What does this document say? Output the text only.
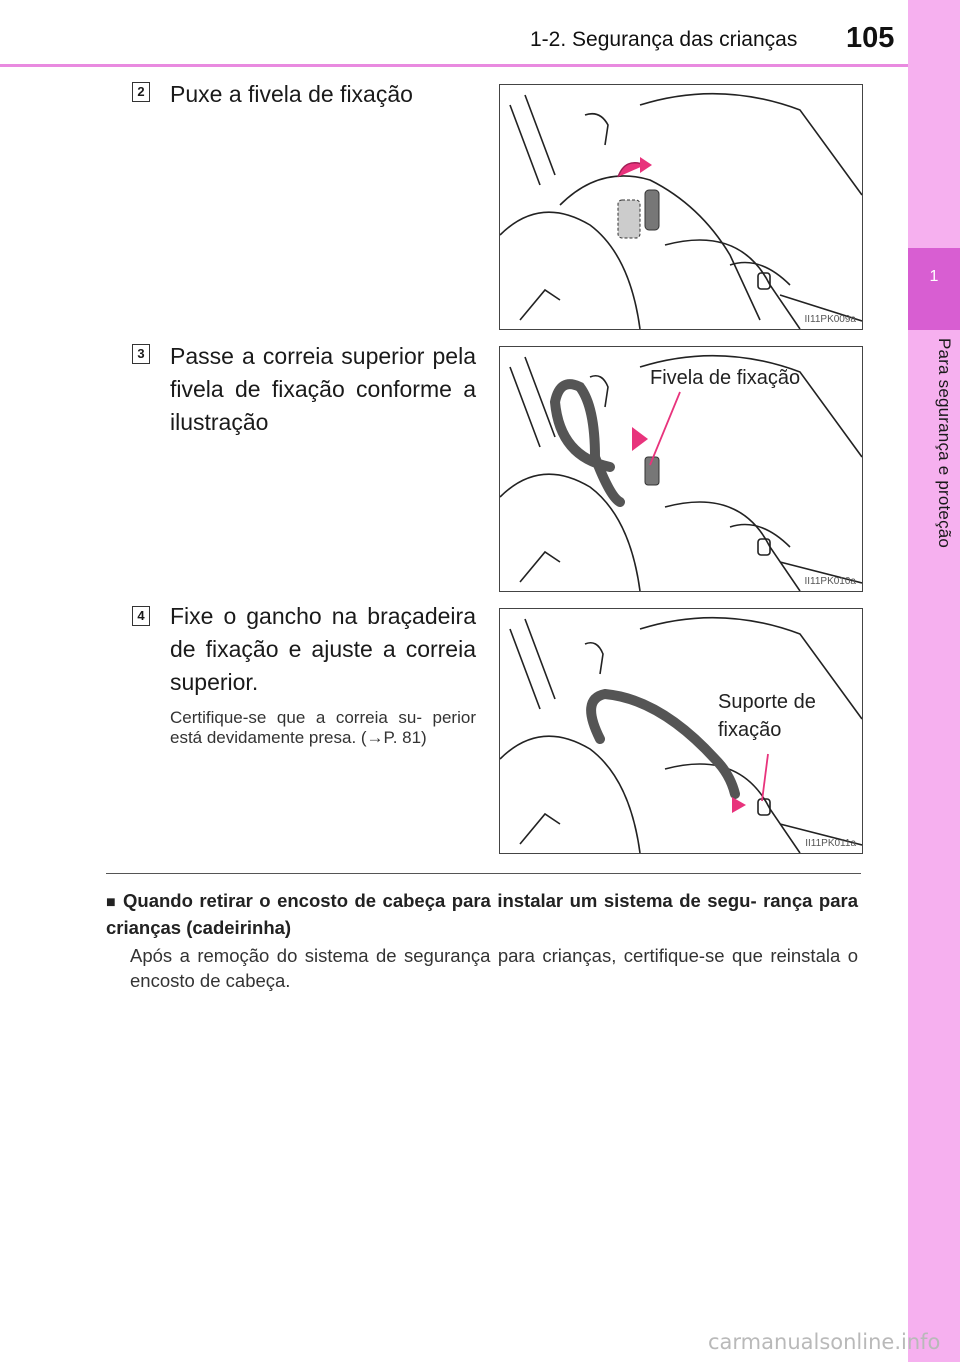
1-2. Segurança das crianças 105
1
Para segurança e proteção
2 Puxe a fivela de fixação
II11PK009a
3 Passe a correia superior pela fivela de fixação conforme a ilustração
Fivela de fixação
II11PK010a
4 Fixe o gancho na braçadeira de fixação e ajuste a correia superior.
Certifique-se que a correia su- perior está devidamente presa. (→P. 81)
Suporte de
fixação
II11PK011a
■ Quando retirar o encosto de cabeça para instalar um sistema de segu- rança para crianças (cadeirinha)
Após a remoção do sistema de segurança para crianças, certifique-se que reinstala o encosto de cabeça.
carmanualsonline.info
